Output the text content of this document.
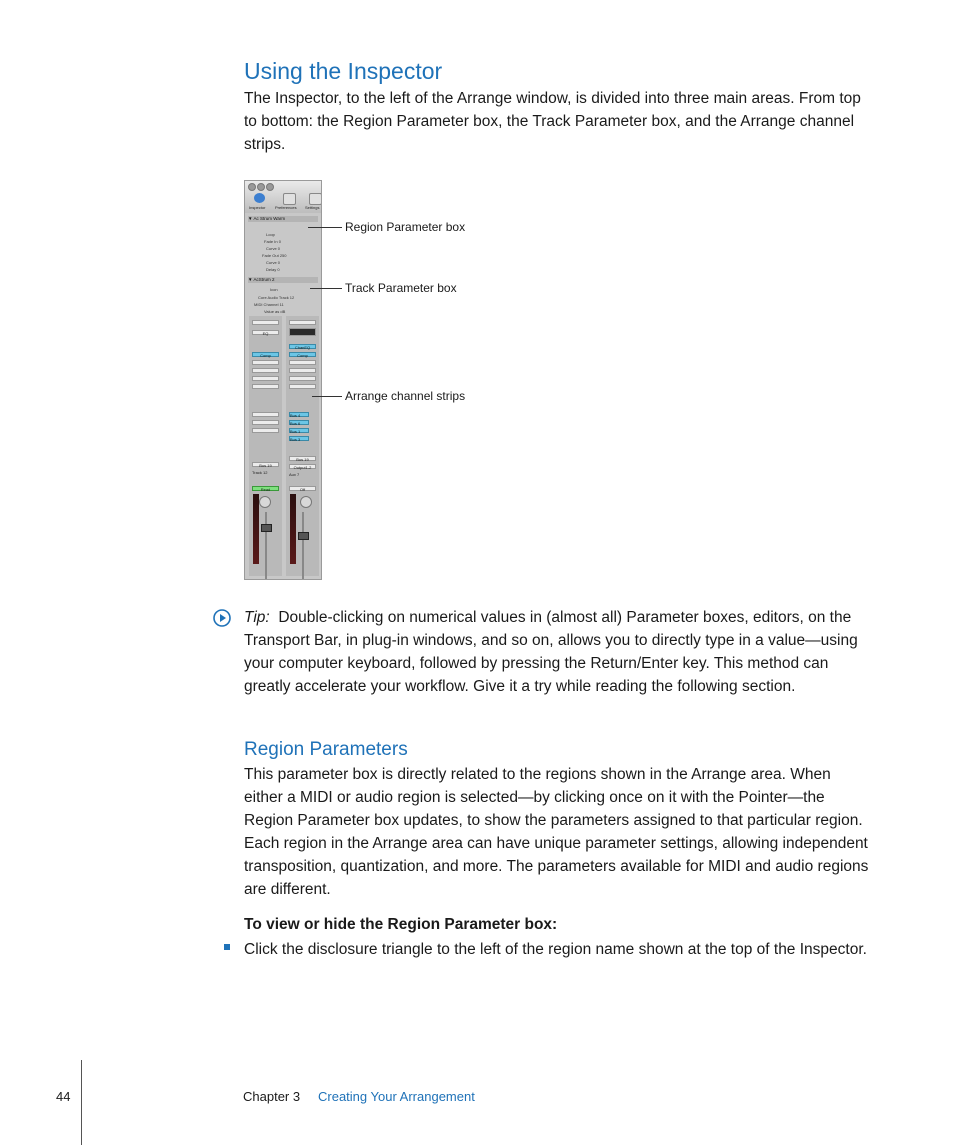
Using the Inspector
The Inspector, to the left of the Arrange window, is divided into three main areas. From top to bottom: the Region Parameter box, the Track Parameter box, and the Arrange channel strips.
Inspector Preferences Settings
▼ Ac Strum Warm
Loop
Fade In 0
Curve 0
Fade Out 250
Curve 0
Delay 0
▼ AcStrum 2
Icon
Core Audio Track 12
MIDI Channel 11
Value as dB
EQ
Comp
Bus 19
Track 12
Read
ChanEQ
Comp
Bus 4
Bus 6
Bus 1
Bus 3
Bus 19
Output1-2
Aux 7
Off
Region Parameter box
Track Parameter box
Arrange channel strips
Tip: Double-clicking on numerical values in (almost all) Parameter boxes, editors, on the Transport Bar, in plug-in windows, and so on, allows you to directly type in a value—using your computer keyboard, followed by pressing the Return/Enter key. This method can greatly accelerate your workflow. Give it a try while reading the following section.
Region Parameters
This parameter box is directly related to the regions shown in the Arrange area. When either a MIDI or audio region is selected—by clicking once on it with the Pointer—the Region Parameter box updates, to show the parameters assigned to that particular region. Each region in the Arrange area can have unique parameter settings, allowing independent transposition, quantization, and more. The parameters available for MIDI and audio regions are different.
To view or hide the Region Parameter box:
Click the disclosure triangle to the left of the region name shown at the top of the Inspector.
44	Chapter 3 Creating Your Arrangement
